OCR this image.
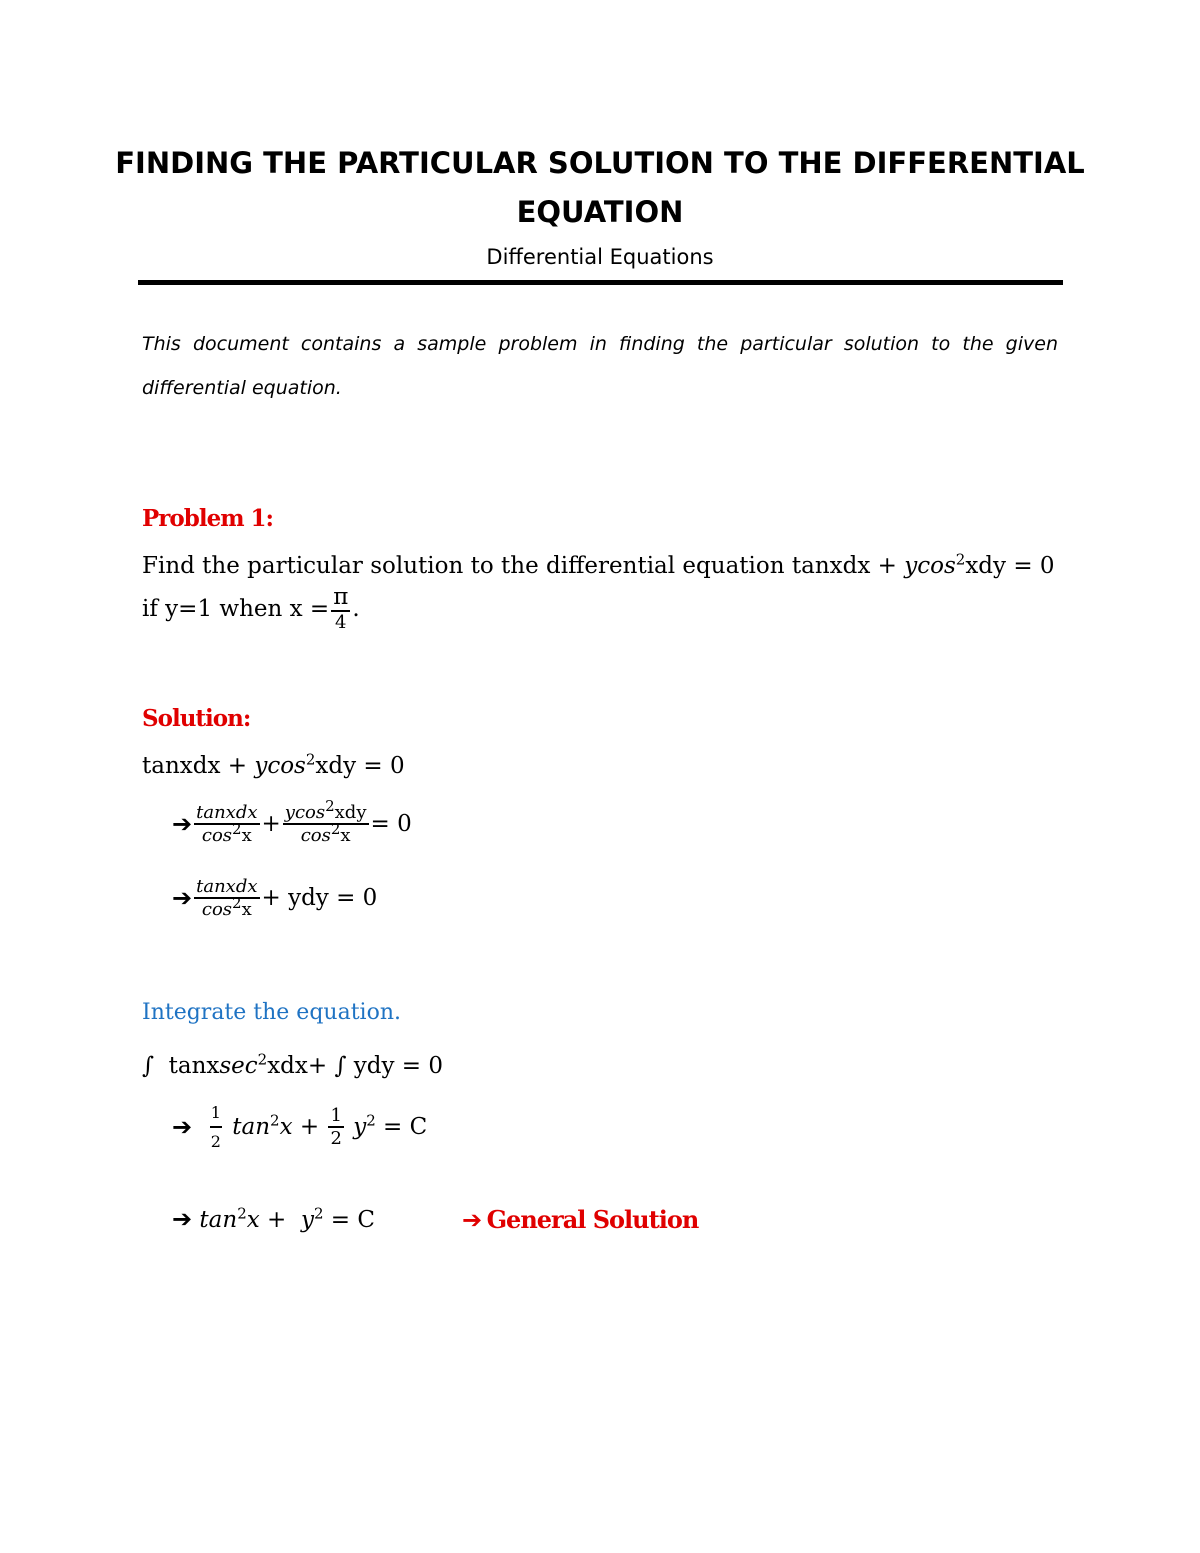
FINDING THE PARTICULAR SOLUTION TO THE DIFFERENTIAL
EQUATION
Differential Equations
This document contains a sample problem in finding the particular solution to the given
differential equation.
Problem 1:
Find the particular solution to the differential equation tanxdx + ycos$^2$xdy = 0
if y=1 when $x = \frac{\pi}{4}$ .
Solution:
tanxdx + ycos$^2$xdy = 0
➔ $\frac{\text{tanxdx}}{\cos^2x} + \frac{ycos^2xdy}{\cos^2x} = 0$
➔ $\frac{\text{tanxdx}}{\cos^2x}$ + ydy = 0
Integrate the equation.
∫ tanxsec$^2$xdx+ ∫ ydy = 0
➔ $\frac{1}{2} \tan^2x + \frac{1}{2} y^2 = C$
➔ $\tan^2x + y^2 = C$	➔ General Solution
